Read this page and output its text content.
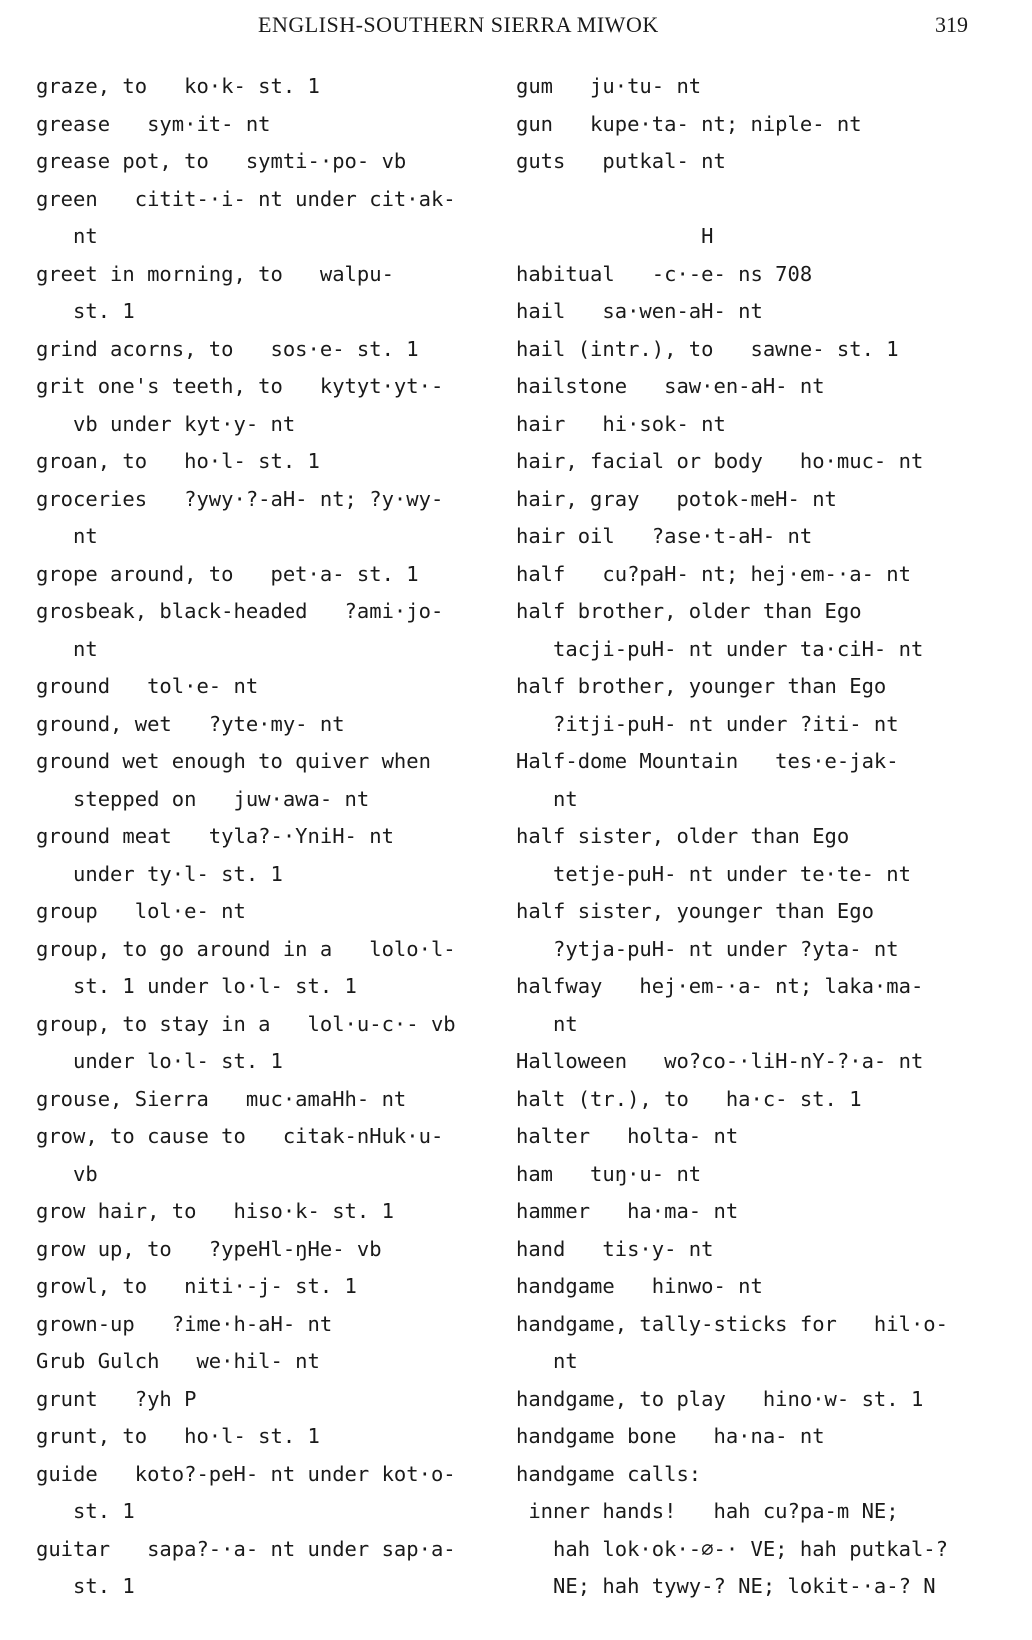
ENGLISH-SOUTHERN SIERRA MIWOK	319
graze, to   ko·k- st. 1
grease   sym·it- nt
grease pot, to   symti-·po- vb
green   citit-·i- nt under cit·ak-
nt
greet in morning, to   walpu-
st. 1
grind acorns, to   sos·e- st. 1
grit one's teeth, to   kytyt·yt·-
vb under kyt·y- nt
groan, to   ho·l- st. 1
groceries   ?ywy·?-aH- nt; ?y·wy-
nt
grope around, to   pet·a- st. 1
grosbeak, black-headed   ?ami·jo-
nt
ground   tol·e- nt
ground, wet   ?yte·my- nt
ground wet enough to quiver when
stepped on   juw·awa- nt
ground meat   tyla?-·YniH- nt
under ty·l- st. 1
group   lol·e- nt
group, to go around in a   lolo·l-
st. 1 under lo·l- st. 1
group, to stay in a   lol·u-c·- vb
under lo·l- st. 1
grouse, Sierra   muc·amaHh- nt
grow, to cause to   citak-nHuk·u-
vb
grow hair, to   hiso·k- st. 1
grow up, to   ?ypeHl-ŋHe- vb
growl, to   niti·-j- st. 1
grown-up   ?ime·h-aH- nt
Grub Gulch   we·hil- nt
grunt   ?yh P
grunt, to   ho·l- st. 1
guide   koto?-peH- nt under kot·o-
st. 1
guitar   sapa?-·a- nt under sap·a-
st. 1
gum   ju·tu- nt
gun   kupe·ta- nt; niple- nt
guts   putkal- nt
H
habitual   -c·-e- ns 708
hail   sa·wen-aH- nt
hail (intr.), to   sawne- st. 1
hailstone   saw·en-aH- nt
hair   hi·sok- nt
hair, facial or body   ho·muc- nt
hair, gray   potok-meH- nt
hair oil   ?ase·t-aH- nt
half   cu?paH- nt; hej·em-·a- nt
half brother, older than Ego
tacji-puH- nt under ta·ciH- nt
half brother, younger than Ego
?itji-puH- nt under ?iti- nt
Half-dome Mountain   tes·e-jak-
nt
half sister, older than Ego
tetje-puH- nt under te·te- nt
half sister, younger than Ego
?ytja-puH- nt under ?yta- nt
halfway   hej·em-·a- nt; laka·ma-
nt
Halloween   wo?co-·liH-nY-?·a- nt
halt (tr.), to   ha·c- st. 1
halter   holta- nt
ham   tuŋ·u- nt
hammer   ha·ma- nt
hand   tis·y- nt
handgame   hinwo- nt
handgame, tally-sticks for   hil·o-
nt
handgame, to play   hino·w- st. 1
handgame bone   ha·na- nt
handgame calls:
inner hands!   hah cu?pa-m NE;
hah lok·ok·-∅-· VE; hah putkal-?
NE; hah tywy-? NE; lokit-·a-? N
